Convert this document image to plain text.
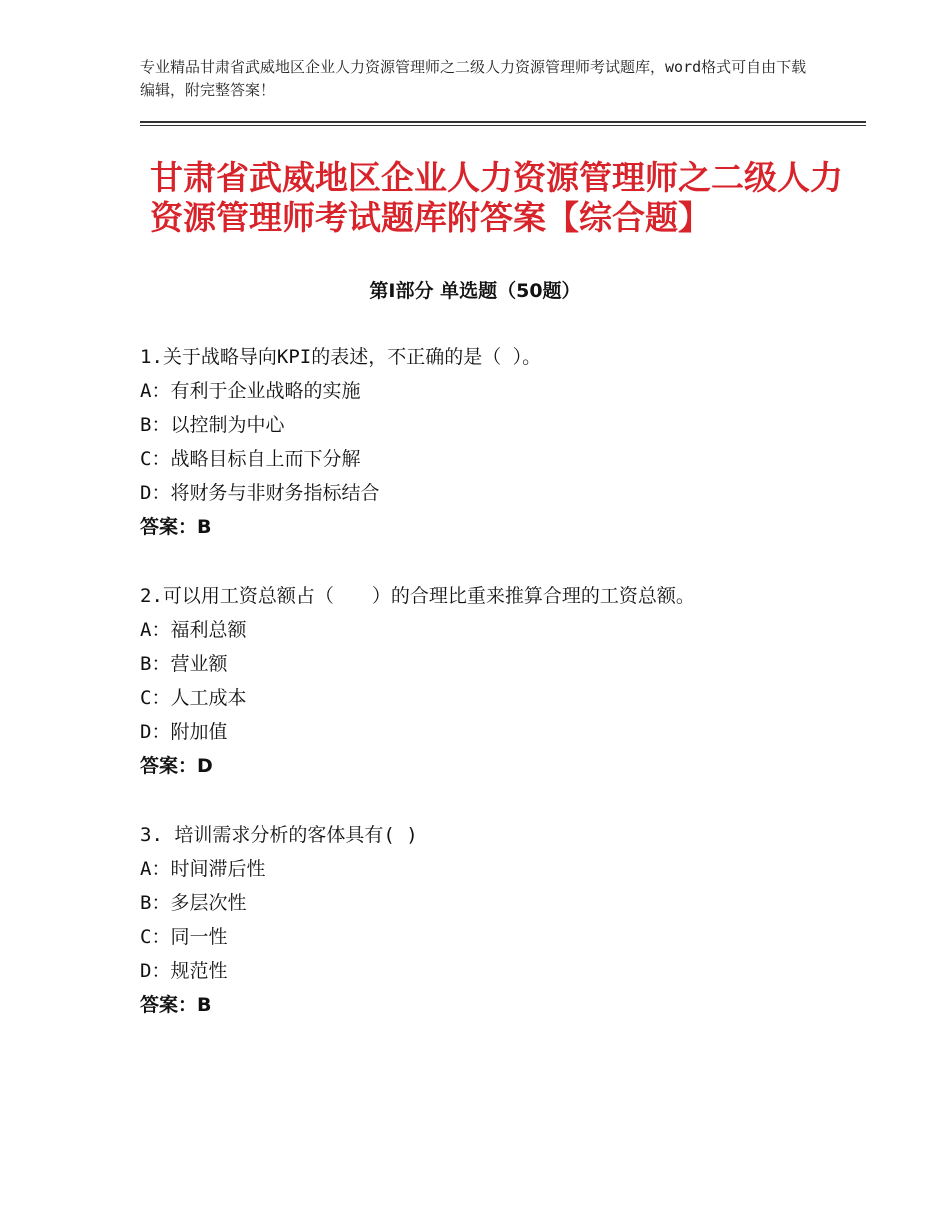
专业精品甘肃省武威地区企业人力资源管理师之二级人力资源管理师考试题库，word格式可自由下载编辑，附完整答案！
甘肃省武威地区企业人力资源管理师之二级人力资源管理师考试题库附答案【综合题】
第Ⅰ部分 单选题（50题）
1.关于战略导向KPI的表述，不正确的是（ ）。
A：有利于企业战略的实施
B：以控制为中心
C：战略目标自上而下分解
D：将财务与非财务指标结合
答案：B
2.可以用工资总额占（　　）的合理比重来推算合理的工资总额。
A：福利总额
B：营业额
C：人工成本
D：附加值
答案：D
3. 培训需求分析的客体具有( )
A：时间滞后性
B：多层次性
C：同一性
D：规范性
答案：B
